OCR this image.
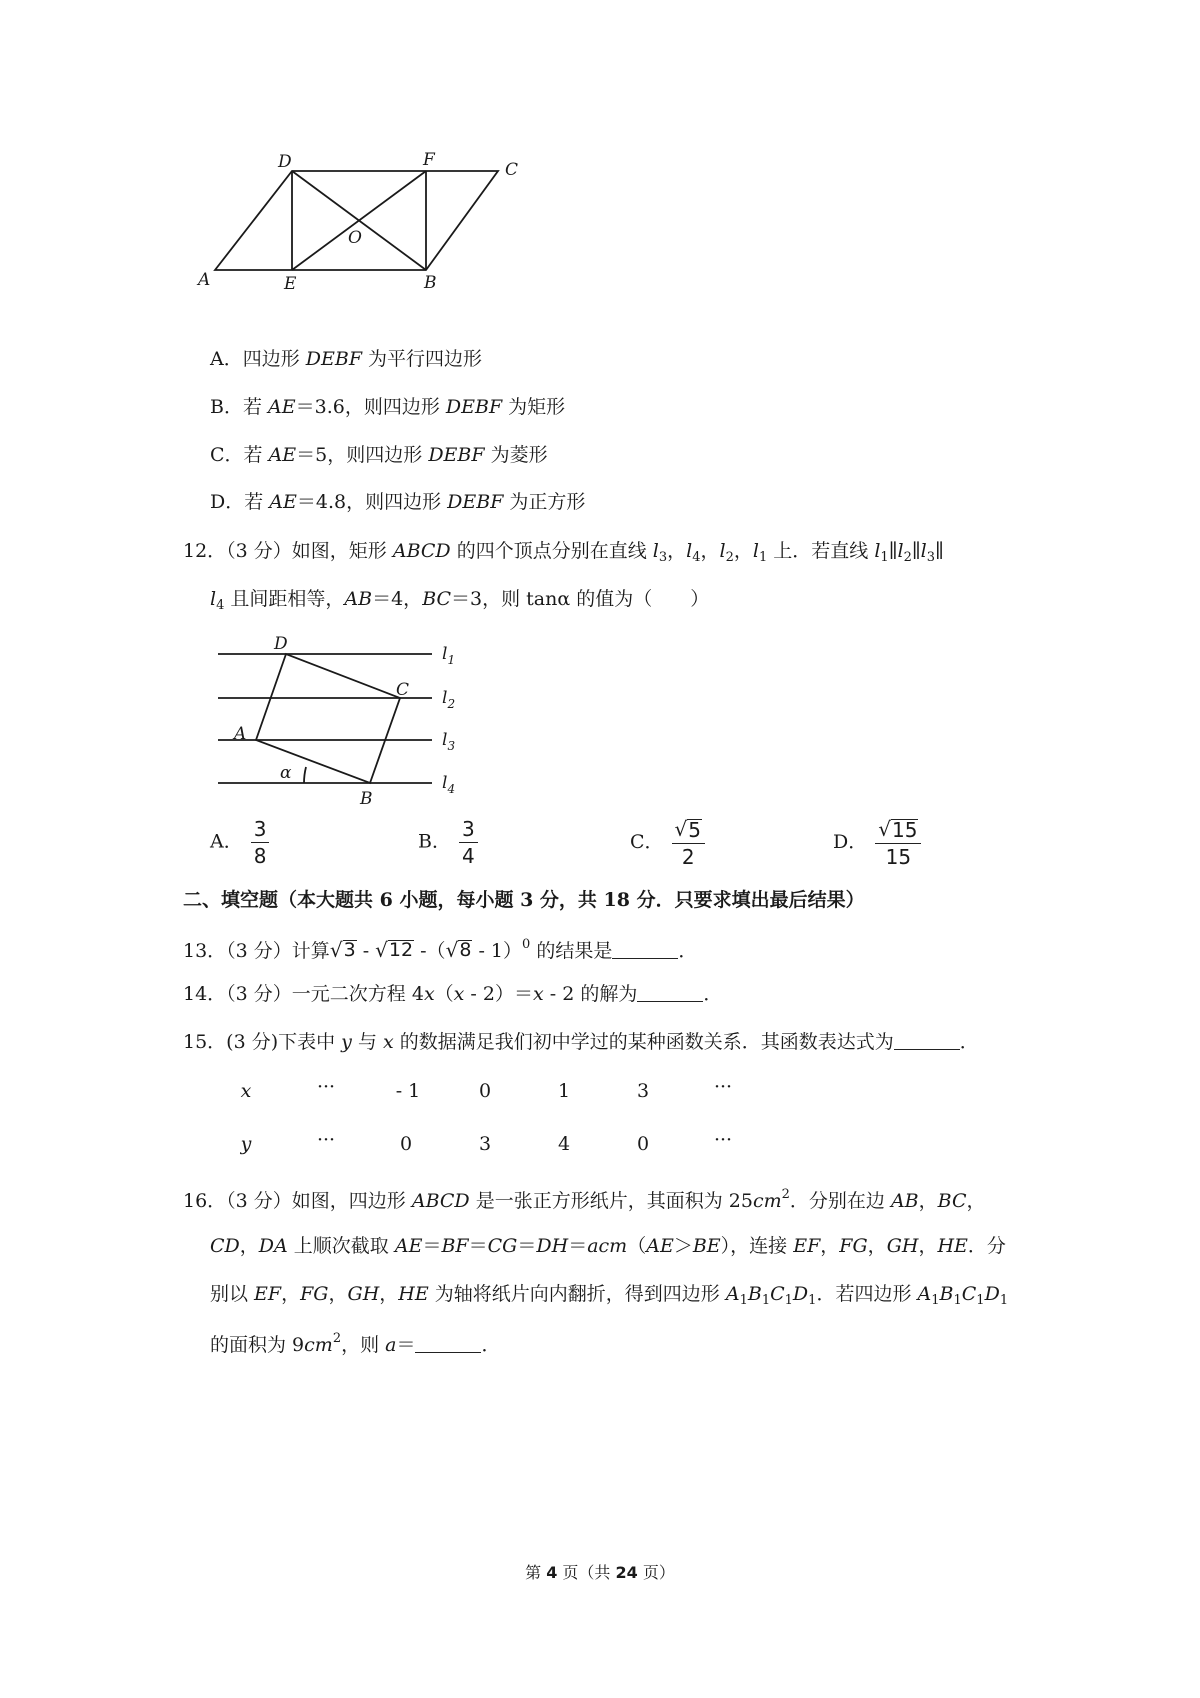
D	F	C
O
A	E	B
A．四边形 DEBF 为平行四边形
B．若 AE＝3.6，则四边形 DEBF 为矩形
C．若 AE＝5，则四边形 DEBF 为菱形
D．若 AE＝4.8，则四边形 DEBF 为正方形
12．（3 分）如图，矩形 ABCD 的四个顶点分别在直线 $l_3$，$l_4$，$l_2$，$l_1$ 上．若直线 $l_1\parallel l_2\parallel l_3\parallel$
$l_4$ 且间距相等，AB＝4，BC＝3，则 tanα 的值为（　　）
D
C
A
B
α
$l_1$
$l_2$
$l_3$
$l_4$
A． $\frac{3}{8}$	B． $\frac{3}{4}$	C． $\frac{√ 5}{2}$	D． $\frac{√ 15}{15}$
二、填空题（本大题共 6 小题，每小题 3 分，共 18 分．只要求填出最后结果）
13．（3 分）计算 √ 3 - √ 12 -（ √ 8 - 1）$^0$ 的结果是	．
14．（3 分）一元二次方程 4x（x - 2）＝x - 2 的解为	．
15．(3 分)下表中 y 与 x 的数据满足我们初中学过的某种函数关系．其函数表达式为	．
x	···	- 1	0	1	3	···
y	···	0	3	4	0	···
16．（3 分）如图，四边形 ABCD 是一张正方形纸片，其面积为 $25cm^2$．分别在边 AB，BC，
CD，DA 上顺次截取 AE＝BF＝CG＝DH＝acm（AE＞BE），连接 EF，FG，GH，HE．分
别以 EF，FG，GH，HE 为轴将纸片向内翻折，得到四边形 $A_1B_1C_1D_1$．若四边形 $A_1B_1C_1D_1$
的面积为 $9cm^2$，则 a＝	．
第 4 页（共 24 页）
